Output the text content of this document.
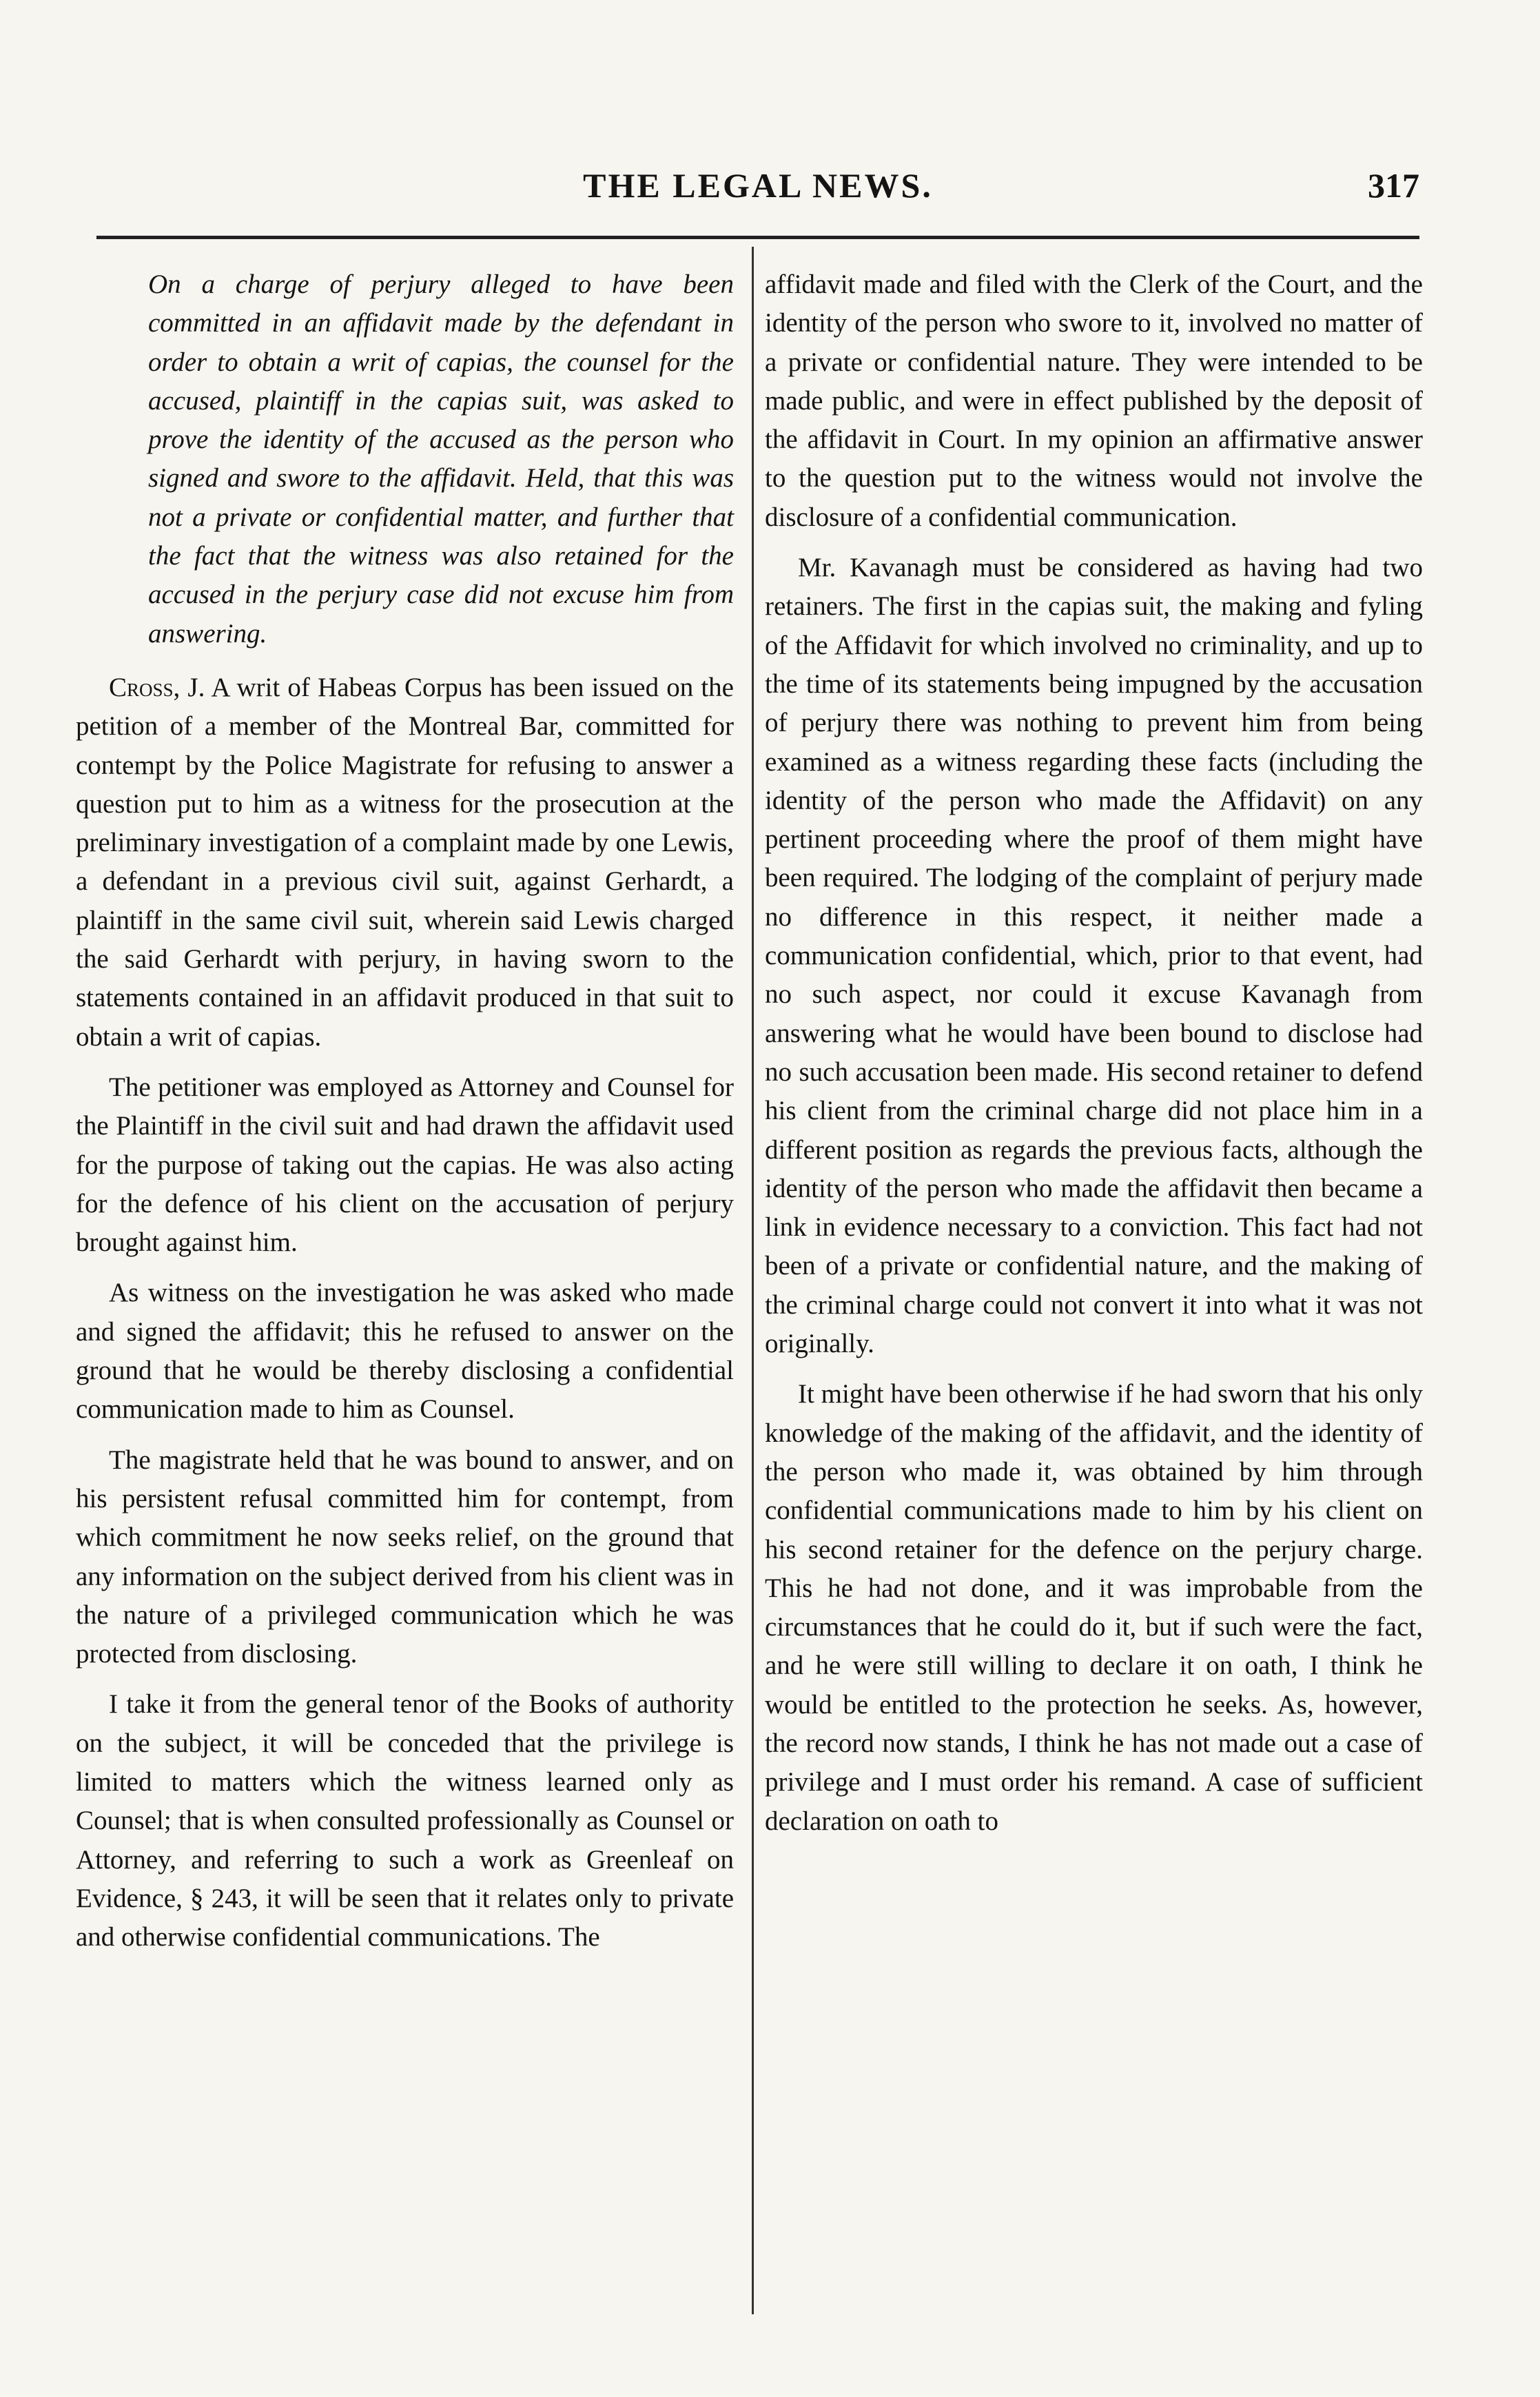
THE LEGAL NEWS.	317

On a charge of perjury alleged to have been committed in an affidavit made by the defendant in order to obtain a writ of capias, the counsel for the accused, plaintiff in the capias suit, was asked to prove the identity of the accused as the person who signed and swore to the affidavit. Held, that this was not a private or confidential matter, and further that the fact that the witness was also retained for the accused in the perjury case did not excuse him from answering.

Cross, J. A writ of Habeas Corpus has been issued on the petition of a member of the Montreal Bar, committed for contempt by the Police Magistrate for refusing to answer a question put to him as a witness for the prosecution at the preliminary investigation of a complaint made by one Lewis, a defendant in a previous civil suit, against Gerhardt, a plaintiff in the same civil suit, wherein said Lewis charged the said Gerhardt with perjury, in having sworn to the statements contained in an affidavit produced in that suit to obtain a writ of capias.

The petitioner was employed as Attorney and Counsel for the Plaintiff in the civil suit and had drawn the affidavit used for the purpose of taking out the capias. He was also acting for the defence of his client on the accusation of perjury brought against him.

As witness on the investigation he was asked who made and signed the affidavit; this he refused to answer on the ground that he would be thereby disclosing a confidential communication made to him as Counsel.

The magistrate held that he was bound to answer, and on his persistent refusal committed him for contempt, from which commitment he now seeks relief, on the ground that any information on the subject derived from his client was in the nature of a privileged communication which he was protected from disclosing.

I take it from the general tenor of the Books of authority on the subject, it will be conceded that the privilege is limited to matters which the witness learned only as Counsel; that is when consulted professionally as Counsel or Attorney, and referring to such a work as Greenleaf on Evidence, § 243, it will be seen that it relates only to private and otherwise confidential communications. The

affidavit made and filed with the Clerk of the Court, and the identity of the person who swore to it, involved no matter of a private or confidential nature. They were intended to be made public, and were in effect published by the deposit of the affidavit in Court. In my opinion an affirmative answer to the question put to the witness would not involve the disclosure of a confidential communication.

Mr. Kavanagh must be considered as having had two retainers. The first in the capias suit, the making and fyling of the Affidavit for which involved no criminality, and up to the time of its statements being impugned by the accusation of perjury there was nothing to prevent him from being examined as a witness regarding these facts (including the identity of the person who made the Affidavit) on any pertinent proceeding where the proof of them might have been required. The lodging of the complaint of perjury made no difference in this respect, it neither made a communication confidential, which, prior to that event, had no such aspect, nor could it excuse Kavanagh from answering what he would have been bound to disclose had no such accusation been made. His second retainer to defend his client from the criminal charge did not place him in a different position as regards the previous facts, although the identity of the person who made the affidavit then became a link in evidence necessary to a conviction. This fact had not been of a private or confidential nature, and the making of the criminal charge could not convert it into what it was not originally.

It might have been otherwise if he had sworn that his only knowledge of the making of the affidavit, and the identity of the person who made it, was obtained by him through confidential communications made to him by his client on his second retainer for the defence on the perjury charge. This he had not done, and it was improbable from the circumstances that he could do it, but if such were the fact, and he were still willing to declare it on oath, I think he would be entitled to the protection he seeks. As, however, the record now stands, I think he has not made out a case of privilege and I must order his remand. A case of sufficient declaration on oath to
